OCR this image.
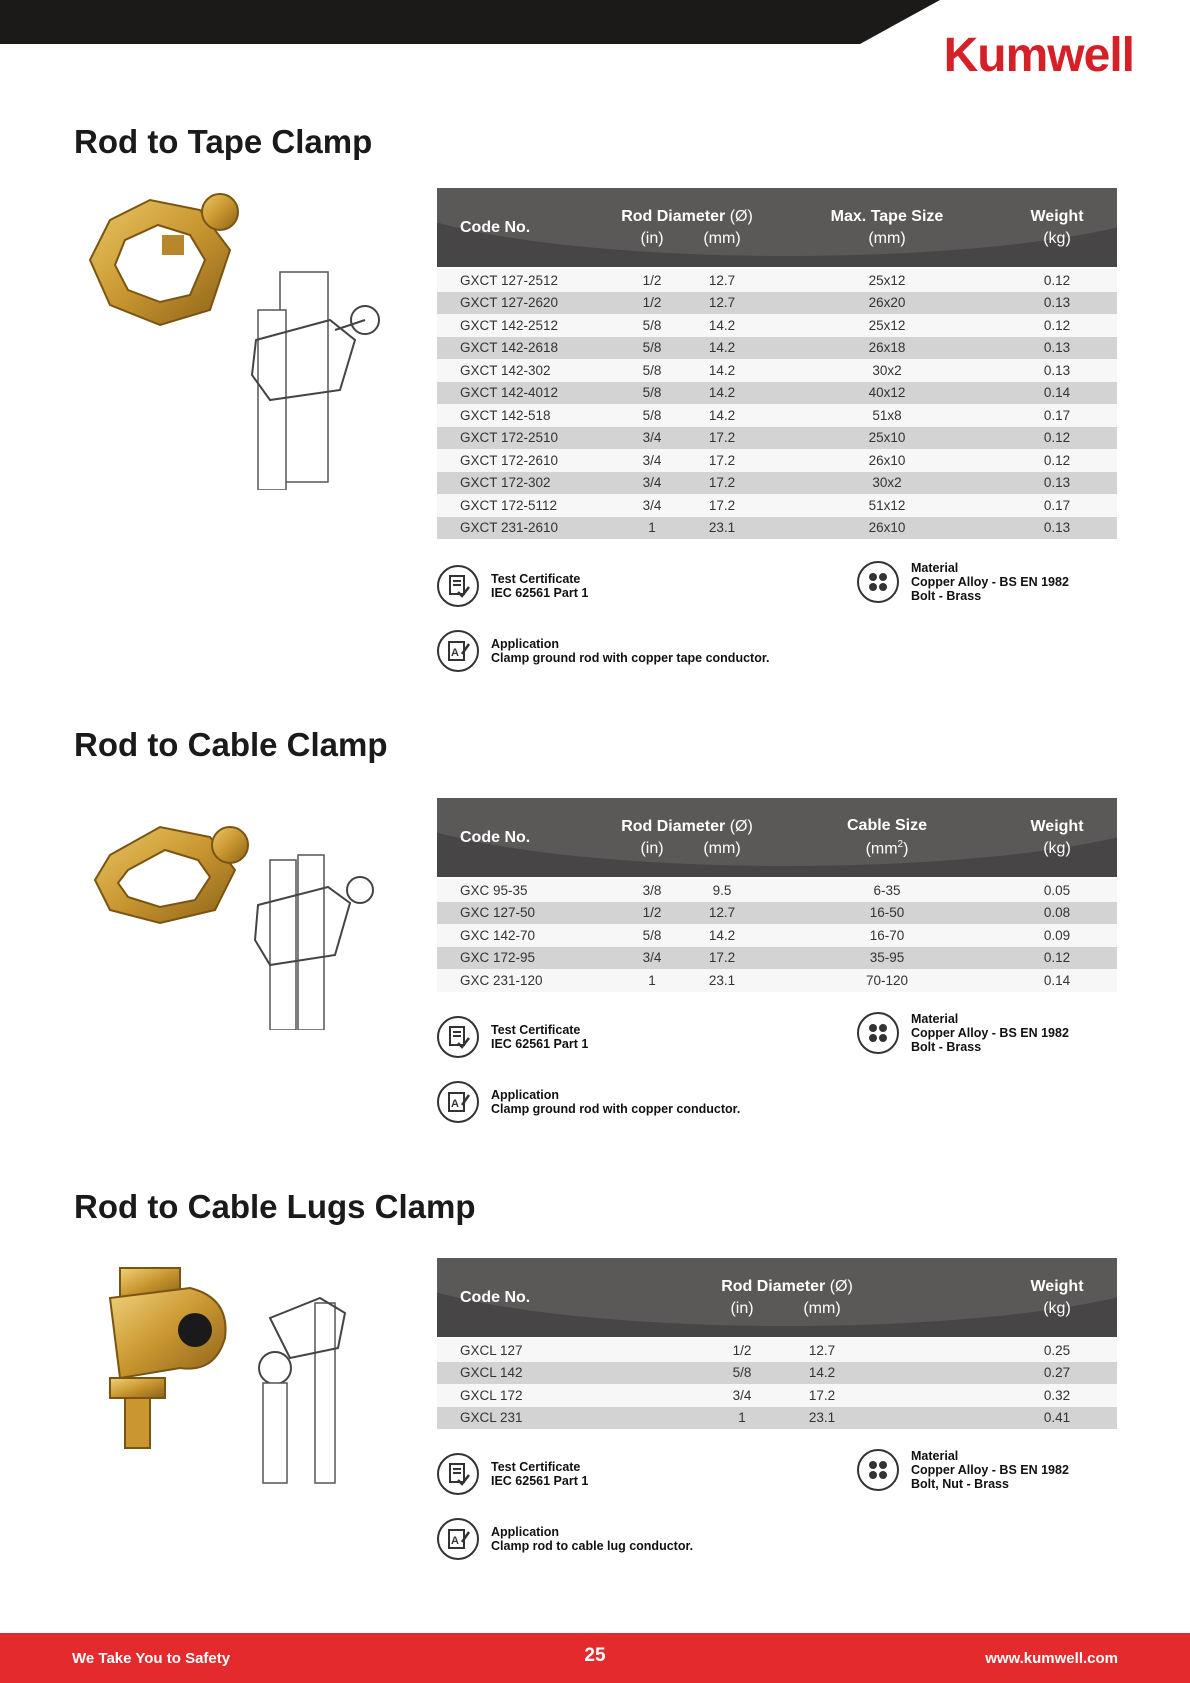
Kumwell
Rod to Tape Clamp
Code No.
Rod Diameter (Ø)
(in)	(mm)
Max. Tape Size
(mm)
Weight
(kg)
GXCT 127-2512	1/2	12.7	25x12	0.12
GXCT 127-2620	1/2	12.7	26x20	0.13
GXCT 142-2512	5/8	14.2	25x12	0.12
GXCT 142-2618	5/8	14.2	26x18	0.13
GXCT 142-302	5/8	14.2	30x2	0.13
GXCT 142-4012	5/8	14.2	40x12	0.14
GXCT 142-518	5/8	14.2	51x8	0.17
GXCT 172-2510	3/4	17.2	25x10	0.12
GXCT 172-2610	3/4	17.2	26x10	0.12
GXCT 172-302	3/4	17.2	30x2	0.13
GXCT 172-5112	3/4	17.2	51x12	0.17
GXCT 231-2610	1	23.1	26x10	0.13
Test Certificate
IEC 62561 Part 1
Material
Copper Alloy - BS EN 1982
Bolt - Brass
A
Application
Clamp ground rod with copper tape conductor.
Rod to Cable Clamp
Code No.
Rod Diameter (Ø)
(in)	(mm)
Cable Size
$(mm^2)$
Weight
(kg)
GXC 95-35	3/8	9.5	6-35	0.05
GXC 127-50	1/2	12.7	16-50	0.08
GXC 142-70	5/8	14.2	16-70	0.09
GXC 172-95	3/4	17.2	35-95	0.12
GXC 231-120	1	23.1	70-120	0.14
Test Certificate
IEC 62561 Part 1
Material
Copper Alloy - BS EN 1982
Bolt - Brass
A
Application
Clamp ground rod with copper conductor.
Rod to Cable Lugs Clamp
Code No.
Rod Diameter (Ø)
(in)	(mm)
Weight
(kg)
GXCL 127	1/2	12.7	0.25
GXCL 142	5/8	14.2	0.27
GXCL 172	3/4	17.2	0.32
GXCL 231	1	23.1	0.41
Test Certificate
IEC 62561 Part 1
Material
Copper Alloy - BS EN 1982
Bolt, Nut - Brass
A
Application
Clamp rod to cable lug conductor.
We Take You to Safety	25	www.kumwell.com
